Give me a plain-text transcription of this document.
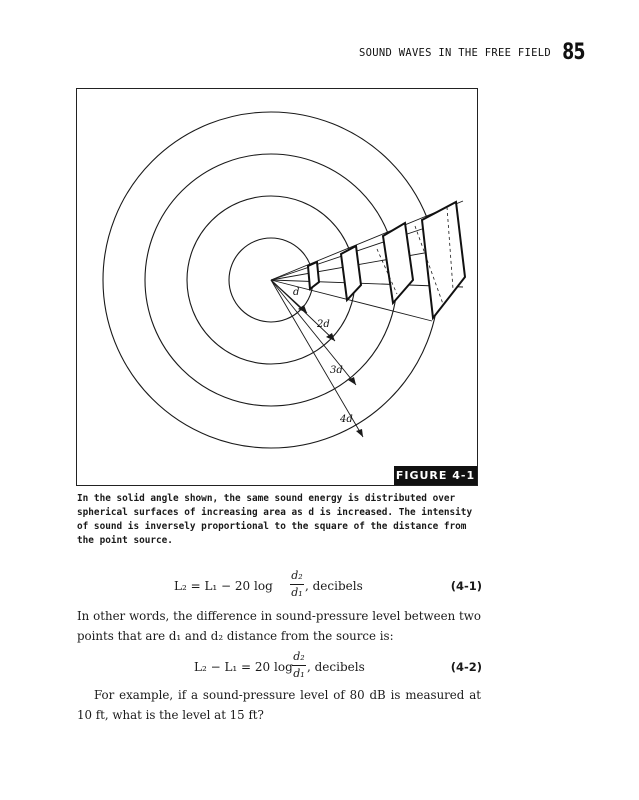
SOUND WAVES IN THE FREE FIELD 85
d
2d
3d
4d
FIGURE 4-1
In the solid angle shown, the same sound energy is distributed over spherical surfaces of increasing area as d is increased. The intensity of sound is inversely proportional to the square of the distance from the point source.
L₂ = L₁ − 20 log
d₂
d₁ , decibels	(4-1)
In other words, the difference in sound-pressure level between two points that are d₁ and d₂ distance from the source is:
L₂ − L₁ = 20 log
d₂
d₁ , decibels	(4-2)
For example, if a sound-pressure level of 80 dB is measured at 10 ft, what is the level at 15 ft?
